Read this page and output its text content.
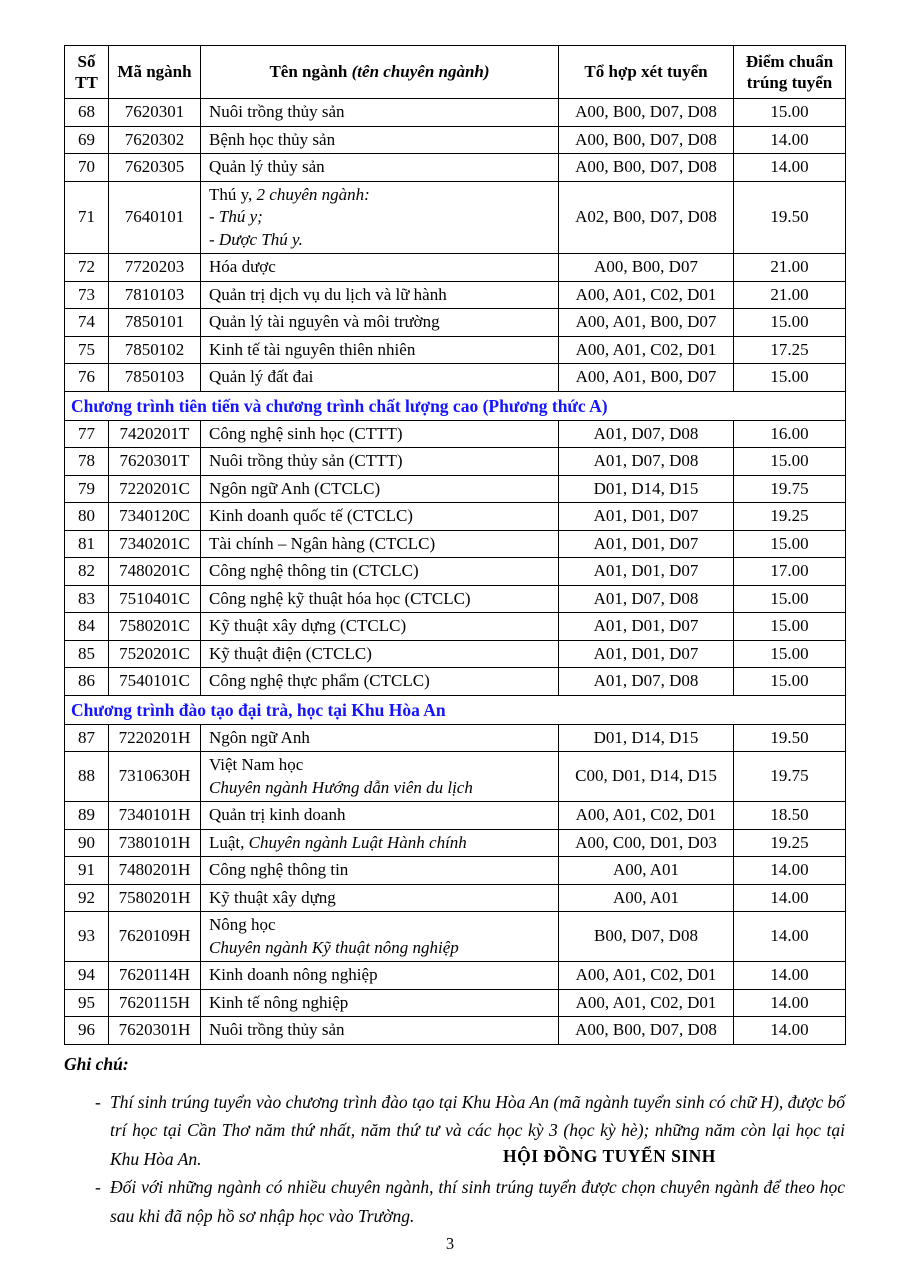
Số TT	Mã ngành	Tên ngành (tên chuyên ngành)	Tổ hợp xét tuyển	Điểm chuẩn trúng tuyển
68	7620301	Nuôi trồng thủy sản	A00, B00, D07, D08	15.00
69	7620302	Bệnh học thủy sản	A00, B00, D07, D08	14.00
70	7620305	Quản lý thủy sản	A00, B00, D07, D08	14.00
71	7640101	Thú y, 2 chuyên ngành:
- Thú y;
- Dược Thú y.	A02, B00, D07, D08	19.50
72	7720203	Hóa dược	A00, B00, D07	21.00
73	7810103	Quản trị dịch vụ du lịch và lữ hành	A00, A01, C02, D01	21.00
74	7850101	Quản lý tài nguyên và môi trường	A00, A01, B00, D07	15.00
75	7850102	Kinh tế tài nguyên thiên nhiên	A00, A01, C02, D01	17.25
76	7850103	Quản lý đất đai	A00, A01, B00, D07	15.00
Chương trình tiên tiến và chương trình chất lượng cao (Phương thức A)				
77	7420201T	Công nghệ sinh học (CTTT)	A01, D07, D08	16.00
78	7620301T	Nuôi trồng thủy sản (CTTT)	A01, D07, D08	15.00
79	7220201C	Ngôn ngữ Anh (CTCLC)	D01, D14, D15	19.75
80	7340120C	Kinh doanh quốc tế (CTCLC)	A01, D01, D07	19.25
81	7340201C	Tài chính – Ngân hàng (CTCLC)	A01, D01, D07	15.00
82	7480201C	Công nghệ thông tin (CTCLC)	A01, D01, D07	17.00
83	7510401C	Công nghệ kỹ thuật hóa học (CTCLC)	A01, D07, D08	15.00
84	7580201C	Kỹ thuật xây dựng (CTCLC)	A01, D01, D07	15.00
85	7520201C	Kỹ thuật điện (CTCLC)	A01, D01, D07	15.00
86	7540101C	Công nghệ thực phẩm (CTCLC)	A01, D07, D08	15.00
Chương trình đào tạo đại trà, học tại Khu Hòa An				
87	7220201H	Ngôn ngữ Anh	D01, D14, D15	19.50
88	7310630H	Việt Nam học
Chuyên ngành Hướng dẫn viên du lịch	C00, D01, D14, D15	19.75
89	7340101H	Quản trị kinh doanh	A00, A01, C02, D01	18.50
90	7380101H	Luật, Chuyên ngành Luật Hành chính	A00, C00, D01, D03	19.25
91	7480201H	Công nghệ thông tin	A00, A01	14.00
92	7580201H	Kỹ thuật xây dựng	A00, A01	14.00
93	7620109H	Nông học
Chuyên ngành Kỹ thuật nông nghiệp	B00, D07, D08	14.00
94	7620114H	Kinh doanh nông nghiệp	A00, A01, C02, D01	14.00
95	7620115H	Kinh tế nông nghiệp	A00, A01, C02, D01	14.00
96	7620301H	Nuôi trồng thủy sản	A00, B00, D07, D08	14.00
Ghi chú:
- Thí sinh trúng tuyển vào chương trình đào tạo tại Khu Hòa An (mã ngành tuyển sinh có chữ H), được bố trí học tại Cần Thơ năm thứ nhất, năm thứ tư và các học kỳ 3 (học kỳ hè); những năm còn lại học tại Khu Hòa An.
- Đối với những ngành có nhiều chuyên ngành, thí sinh trúng tuyển được chọn chuyên ngành để theo học sau khi đã nộp hồ sơ nhập học vào Trường.
HỘI ĐỒNG TUYỂN SINH
3
